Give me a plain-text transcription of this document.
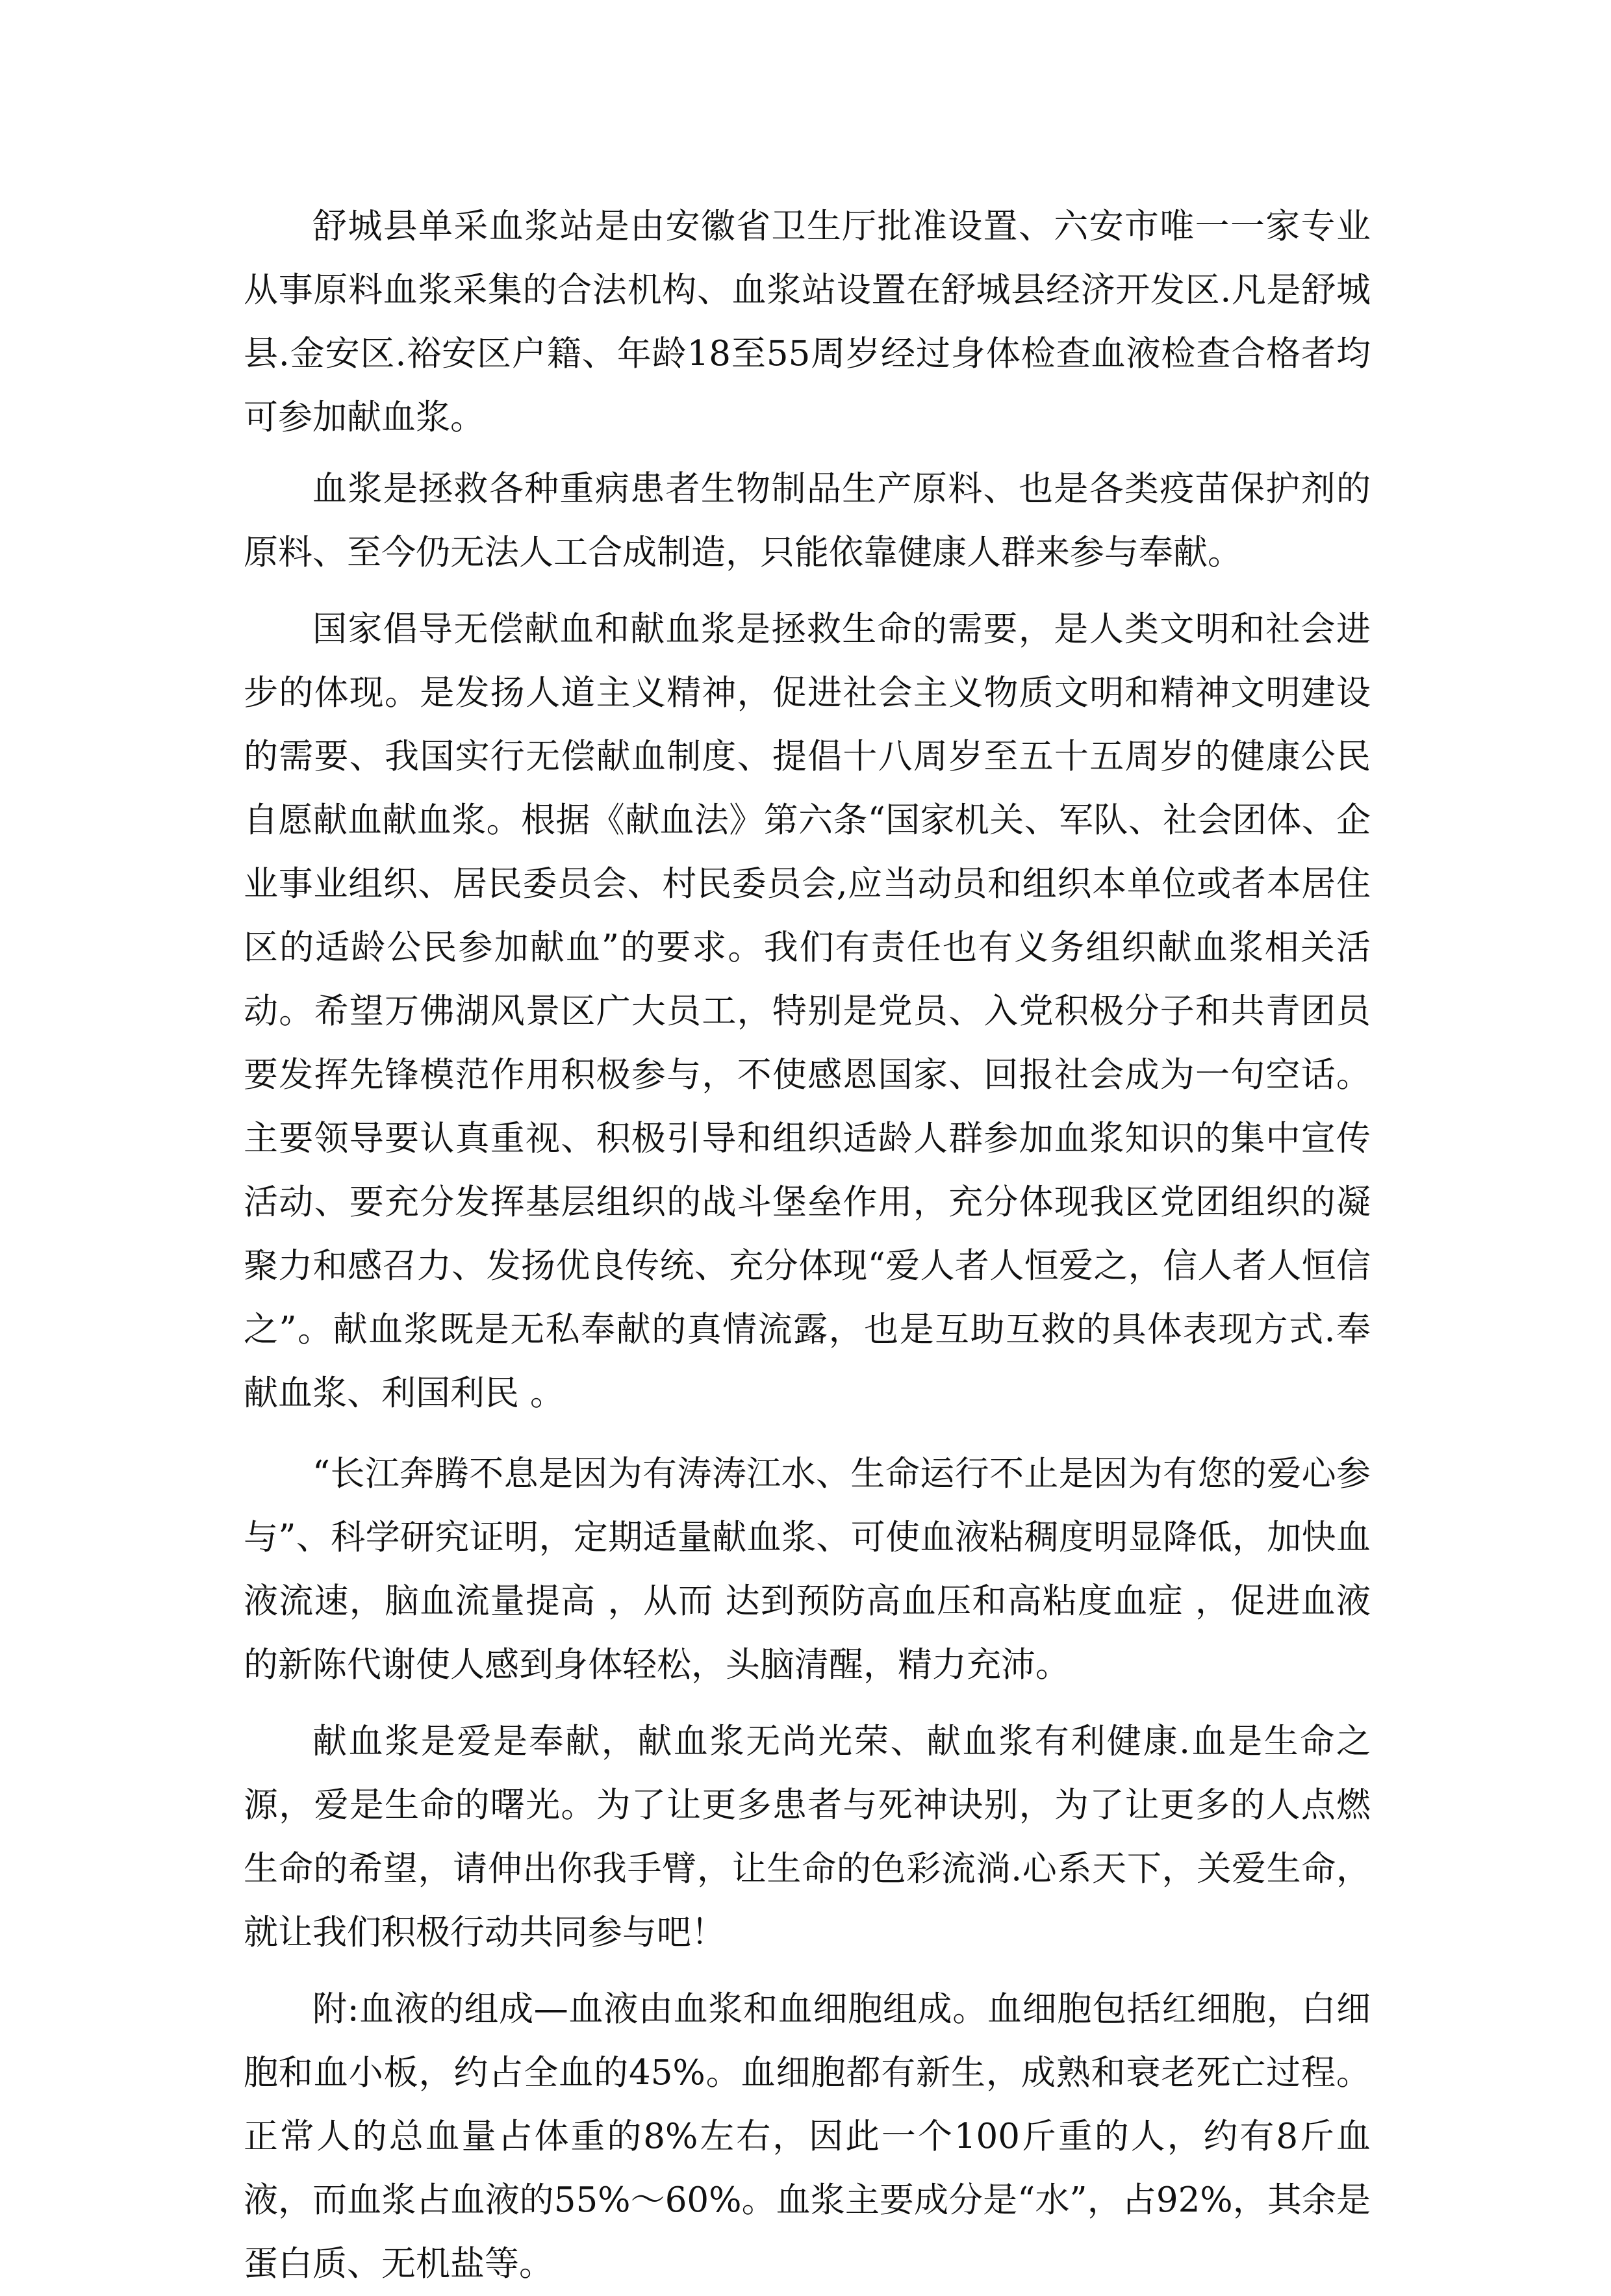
舒城县单采血浆站是由安徽省卫生厅批准设置、六安市唯一一家专业从事原料血浆采集的合法机构、血浆站设置在舒城县经济开发区.凡是舒城县.金安区.裕安区户籍、年龄18至55周岁经过身体检查血液检查合格者均可参加献血浆。

血浆是拯救各种重病患者生物制品生产原料、也是各类疫苗保护剂的原料、至今仍无法人工合成制造，只能依靠健康人群来参与奉献。

国家倡导无偿献血和献血浆是拯救生命的需要，是人类文明和社会进步的体现。是发扬人道主义精神，促进社会主义物质文明和精神文明建设的需要、我国实行无偿献血制度、提倡十八周岁至五十五周岁的健康公民自愿献血献血浆。根据《献血法》第六条“国家机关、军队、社会团体、企业事业组织、居民委员会、村民委员会,应当动员和组织本单位或者本居住区的适龄公民参加献血”的要求。我们有责任也有义务组织献血浆相关活动。希望万佛湖风景区广大员工，特别是党员、入党积极分子和共青团员要发挥先锋模范作用积极参与，不使感恩国家、回报社会成为一句空话。主要领导要认真重视、积极引导和组织适龄人群参加血浆知识的集中宣传活动、要充分发挥基层组织的战斗堡垒作用，充分体现我区党团组织的凝聚力和感召力、发扬优良传统、充分体现“爱人者人恒爱之，信人者人恒信之”。献血浆既是无私奉献的真情流露，也是互助互救的具体表现方式.奉献血浆、利国利民 。

“长江奔腾不息是因为有涛涛江水、生命运行不止是因为有您的爱心参与”、科学研究证明，定期适量献血浆、可使血液粘稠度明显降低，加快血液流速，脑血流量提高 ，从而 达到预防高血压和高粘度血症 ，促进血液的新陈代谢使人感到身体轻松，头脑清醒，精力充沛。

献血浆是爱是奉献，献血浆无尚光荣、献血浆有利健康.血是生命之源，爱是生命的曙光。为了让更多患者与死神诀别，为了让更多的人点燃生命的希望，请伸出你我手臂，让生命的色彩流淌.心系天下，关爱生命，就让我们积极行动共同参与吧！

附:血液的组成—血液由血浆和血细胞组成。血细胞包括红细胞，白细胞和血小板，约占全血的45%。血细胞都有新生，成熟和衰老死亡过程。正常人的总血量占体重的8%左右，因此一个100斤重的人，约有8斤血液，而血浆占血液的55%～60%。血浆主要成分是“水”，占92%，其余是蛋白质、无机盐等。
